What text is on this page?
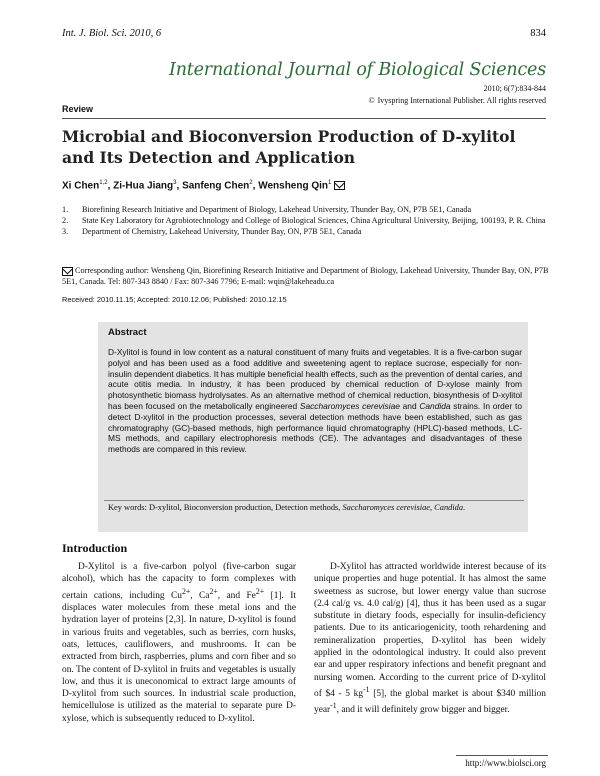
Int. J. Biol. Sci. 2010, 6	834
International Journal of Biological Sciences
2010; 6(7):834-844
© Ivyspring International Publisher. All rights reserved
Review
Microbial and Bioconversion Production of D-xylitol and Its Detection and Application
Xi Chen$^{1,2}$, Zi-Hua Jiang$^3$, Sanfeng Chen$^2$, Wensheng Qin$^1$
1.	Biorefining Research Initiative and Department of Biology, Lakehead University, Thunder Bay, ON, P7B 5E1, Canada
2.	State Key Laboratory for Agrobiotechnology and College of Biological Sciences, China Agricultural University, Beijing, 100193, P. R. China
3.	Department of Chemistry, Lakehead University, Thunder Bay, ON, P7B 5E1, Canada
Corresponding author: Wensheng Qin, Biorefining Research Initiative and Department of Biology, Lakehead University, Thunder Bay, ON, P7B 5E1, Canada. Tel: 807-343 8840 / Fax: 807-346 7796; E-mail: wqin@lakeheadu.ca
Received: 2010.11.15; Accepted: 2010.12.06; Published: 2010.12.15
Abstract
D-Xylitol is found in low content as a natural constituent of many fruits and vegetables. It is a five-carbon sugar polyol and has been used as a food additive and sweetening agent to replace sucrose, especially for non-insulin dependent diabetics. It has multiple beneficial health effects, such as the prevention of dental caries, and acute otitis media. In industry, it has been produced by chemical reduction of D-xylose mainly from photosynthetic biomass hydrolysates. As an alternative method of chemical reduction, biosynthesis of D-xylitol has been focused on the metabolically engineered Saccharomyces cerevisiae and Candida strains. In order to detect D-xylitol in the production processes, several detection methods have been established, such as gas chromatography (GC)-based methods, high performance liquid chromatography (HPLC)-based methods, LC-MS methods, and capillary electrophoresis methods (CE). The advantages and disadvantages of these methods are compared in this review.
Key words: D-xylitol, Bioconversion production, Detection methods, Saccharomyces cerevisiae, Candida.
Introduction
D-Xylitol is a five-carbon polyol (five-carbon sugar alcohol), which has the capacity to form complexes with certain cations, including $Cu^{2+}$, $Ca^{2+}$, and $Fe^{2+}$ [1]. It displaces water molecules from these metal ions and the hydration layer of proteins [2,3]. In nature, D-xylitol is found in various fruits and vegetables, such as berries, corn husks, oats, lettuces, cauliflowers, and mushrooms. It can be extracted from birch, raspberries, plums and corn fiber and so on. The content of D-xylitol in fruits and vegetables is usually low, and thus it is uneconomical to extract large amounts of D-xylitol from such sources. In industrial scale production, hemicellulose is utilized as the material to separate pure D-xylose, which is subsequently reduced to D-xylitol.
D-Xylitol has attracted worldwide interest because of its unique properties and huge potential. It has almost the same sweetness as sucrose, but lower energy value than sucrose (2.4 cal/g vs. 4.0 cal/g) [4], thus it has been used as a sugar substitute in dietary foods, especially for insulin-deficiency patients. Due to its anticariogenicity, tooth rehardening and remineralization properties, D-xylitol has been widely applied in the odontological industry. It could also prevent ear and upper respiratory infections and benefit pregnant and nursing women. According to the current price of D-xylitol of $4 - 5 $kg^{-1}$ [5], the global market is about $340 million year$^{-1}$, and it will definitely grow bigger and bigger.
http://www.biolsci.org
